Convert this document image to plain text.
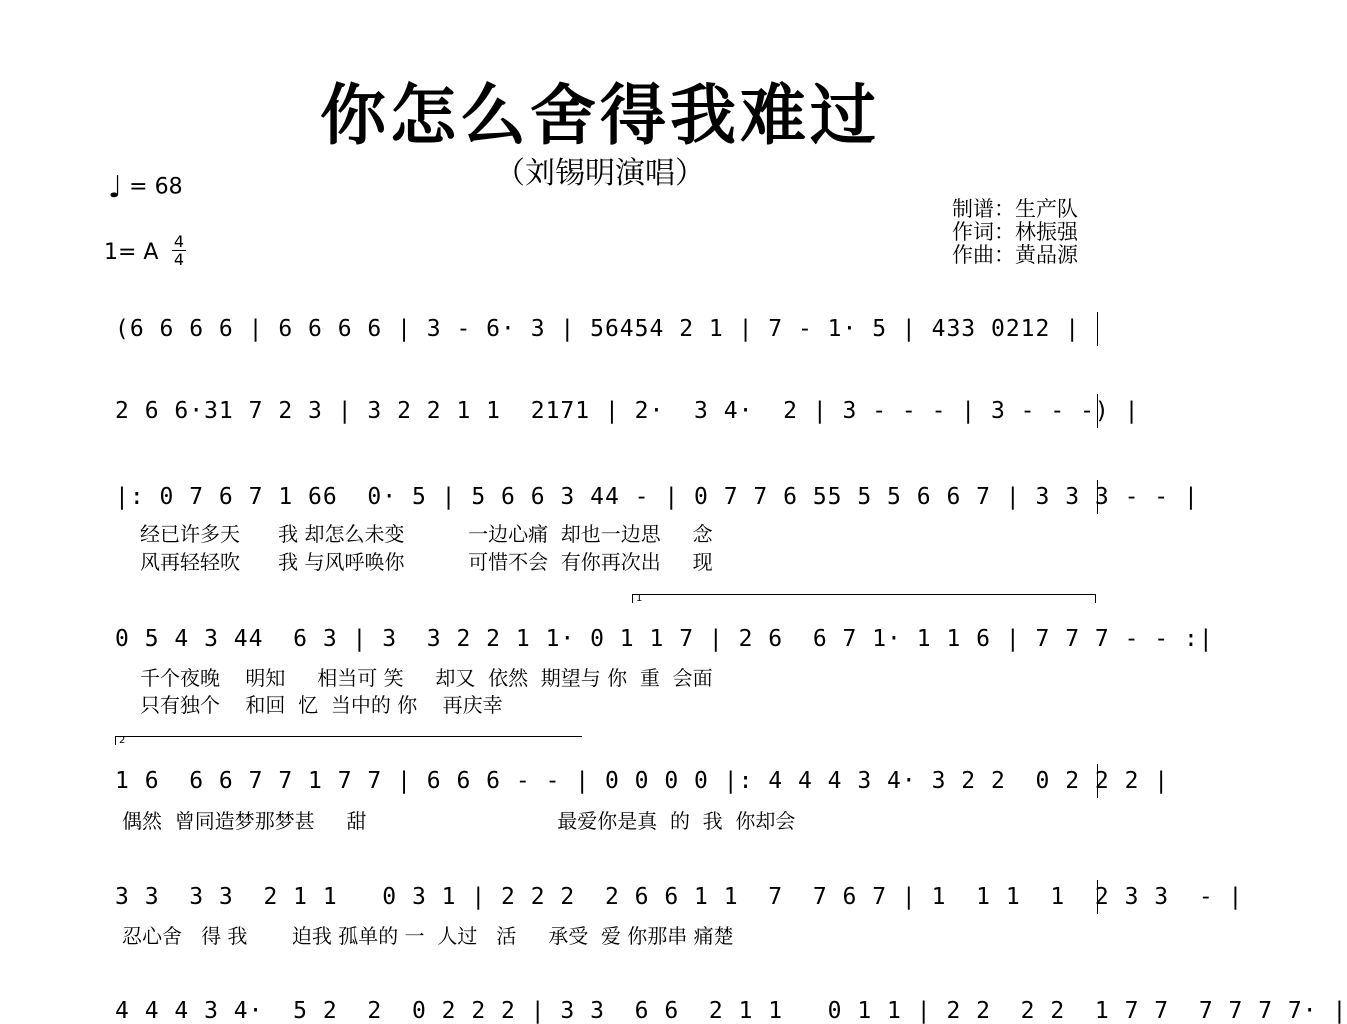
你怎么舍得我难过
（刘锡明演唱）
♩ = 68
1= A 4
4
制谱：生产队
作词：林振强
作曲：黄品源
(6 6 6 6 | 6 6 6 6 | 3 - 6· 3 | 56454 2 1 | 7 - 1· 5 | 433 0212 |
2 6 6·31 7 2 3 | 3 2 2 1 1  2171 | 2·  3 4·  2 | 3 - - - | 3 - - -) |
|: 0 7 6 7 1 66  0· 5 | 5 6 6 3 44 - | 0 7 7 6 55 5 5 6 6 7 | 3 3 3 - - |
经已许多天      我 却怎么未变          一边心痛  却也一边思     念
风再轻轻吹      我 与风呼唤你          可惜不会  有你再次出     现
1
0 5 4 3 44  6 3 | 3  3 2 2 1 1· 0 1 1 7 | 2 6  6 7 1· 1 1 6 | 7 7 7 - - :|
千个夜晚    明知     相当可 笑     却又  依然  期望与 你  重  会面
只有独个    和回  忆  当中的 你    再庆幸
2
1 6  6 6 7 7 1 7 7 | 6 6 6 - - | 0 0 0 0 |: 4 4 4 3 4· 3 2 2  0 2 2 2 |
偶然  曾同造梦那梦甚     甜                              最爱你是真  的  我  你却会
3 3  3 3  2 1 1   0 3 1 | 2 2 2  2 6 6 1 1  7  7 6 7 | 1  1 1  1  2 3 3  - |
忍心舍   得 我       迫我 孤单的 一  人过   活     承受  爱 你那串 痛楚
4 4 4 3 4·  5 2  2  0 2 2 2 | 3 3  6 6  2 1 1   0 1 1 | 2 2  2 2  1 7 7  7 7 7 7· |
